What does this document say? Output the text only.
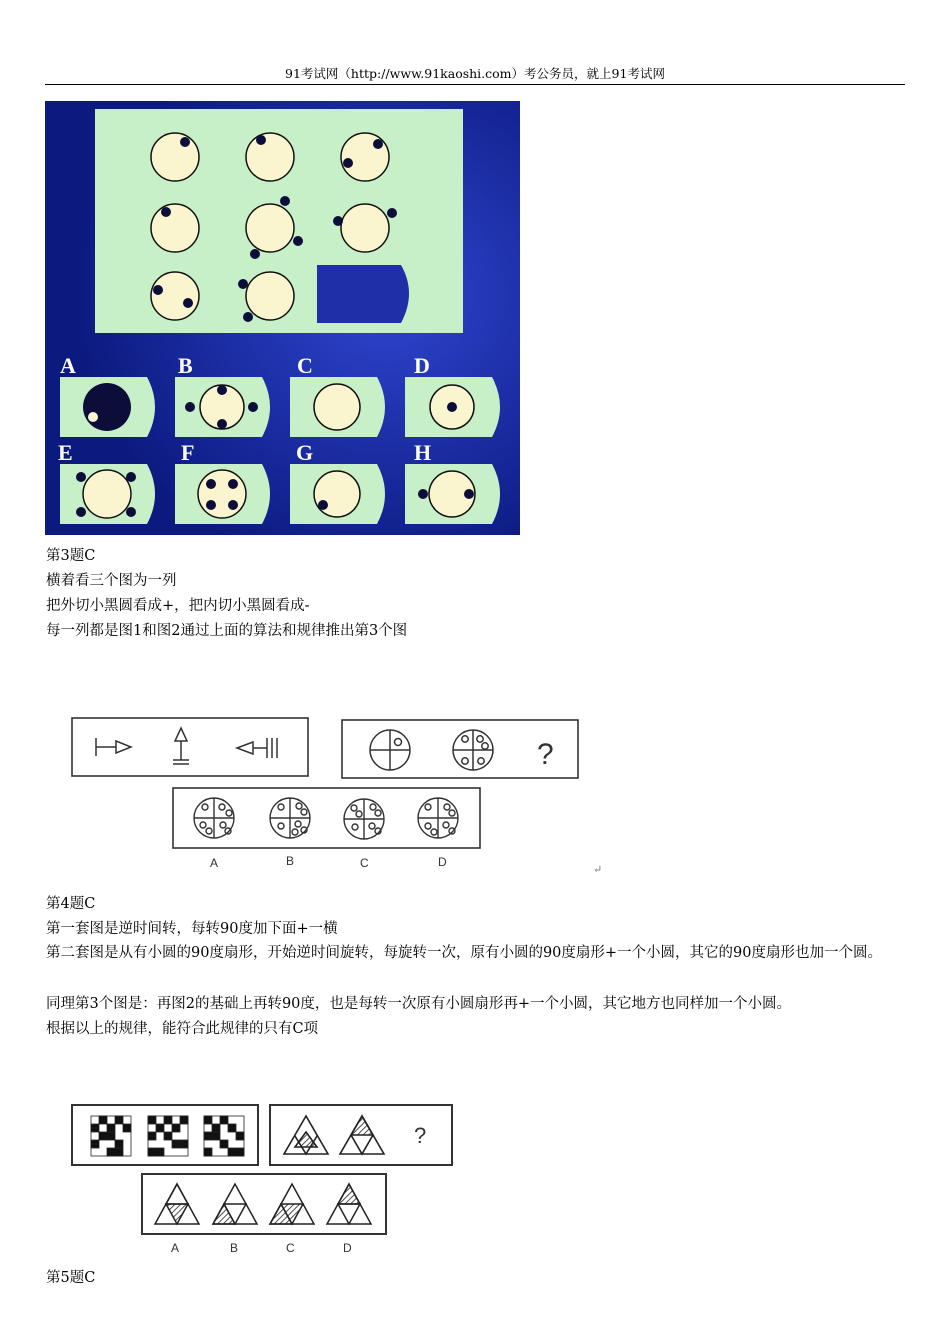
91考试网（http://www.91kaoshi.com）考公务员，就上91考试网
A	B	C	D
E	F	G	H
第3题C
横着看三个图为一列
把外切小黑圆看成+，把内切小黑圆看成-
每一列都是图1和图2通过上面的算法和规律推出第3个图
?
A	B	C	D
↵
第4题C
第一套图是逆时间转，每转90度加下面+一横
第二套图是从有小圆的90度扇形，开始逆时间旋转，每旋转一次，原有小圆的90度扇形+一个小圆，其它的90度扇形也加一个圆。
同理第3个图是：再图2的基础上再转90度，也是每转一次原有小圆扇形再+一个小圆，其它地方也同样加一个小圆。
根据以上的规律，能符合此规律的只有C项
?
A	B	C	D
第5题C
